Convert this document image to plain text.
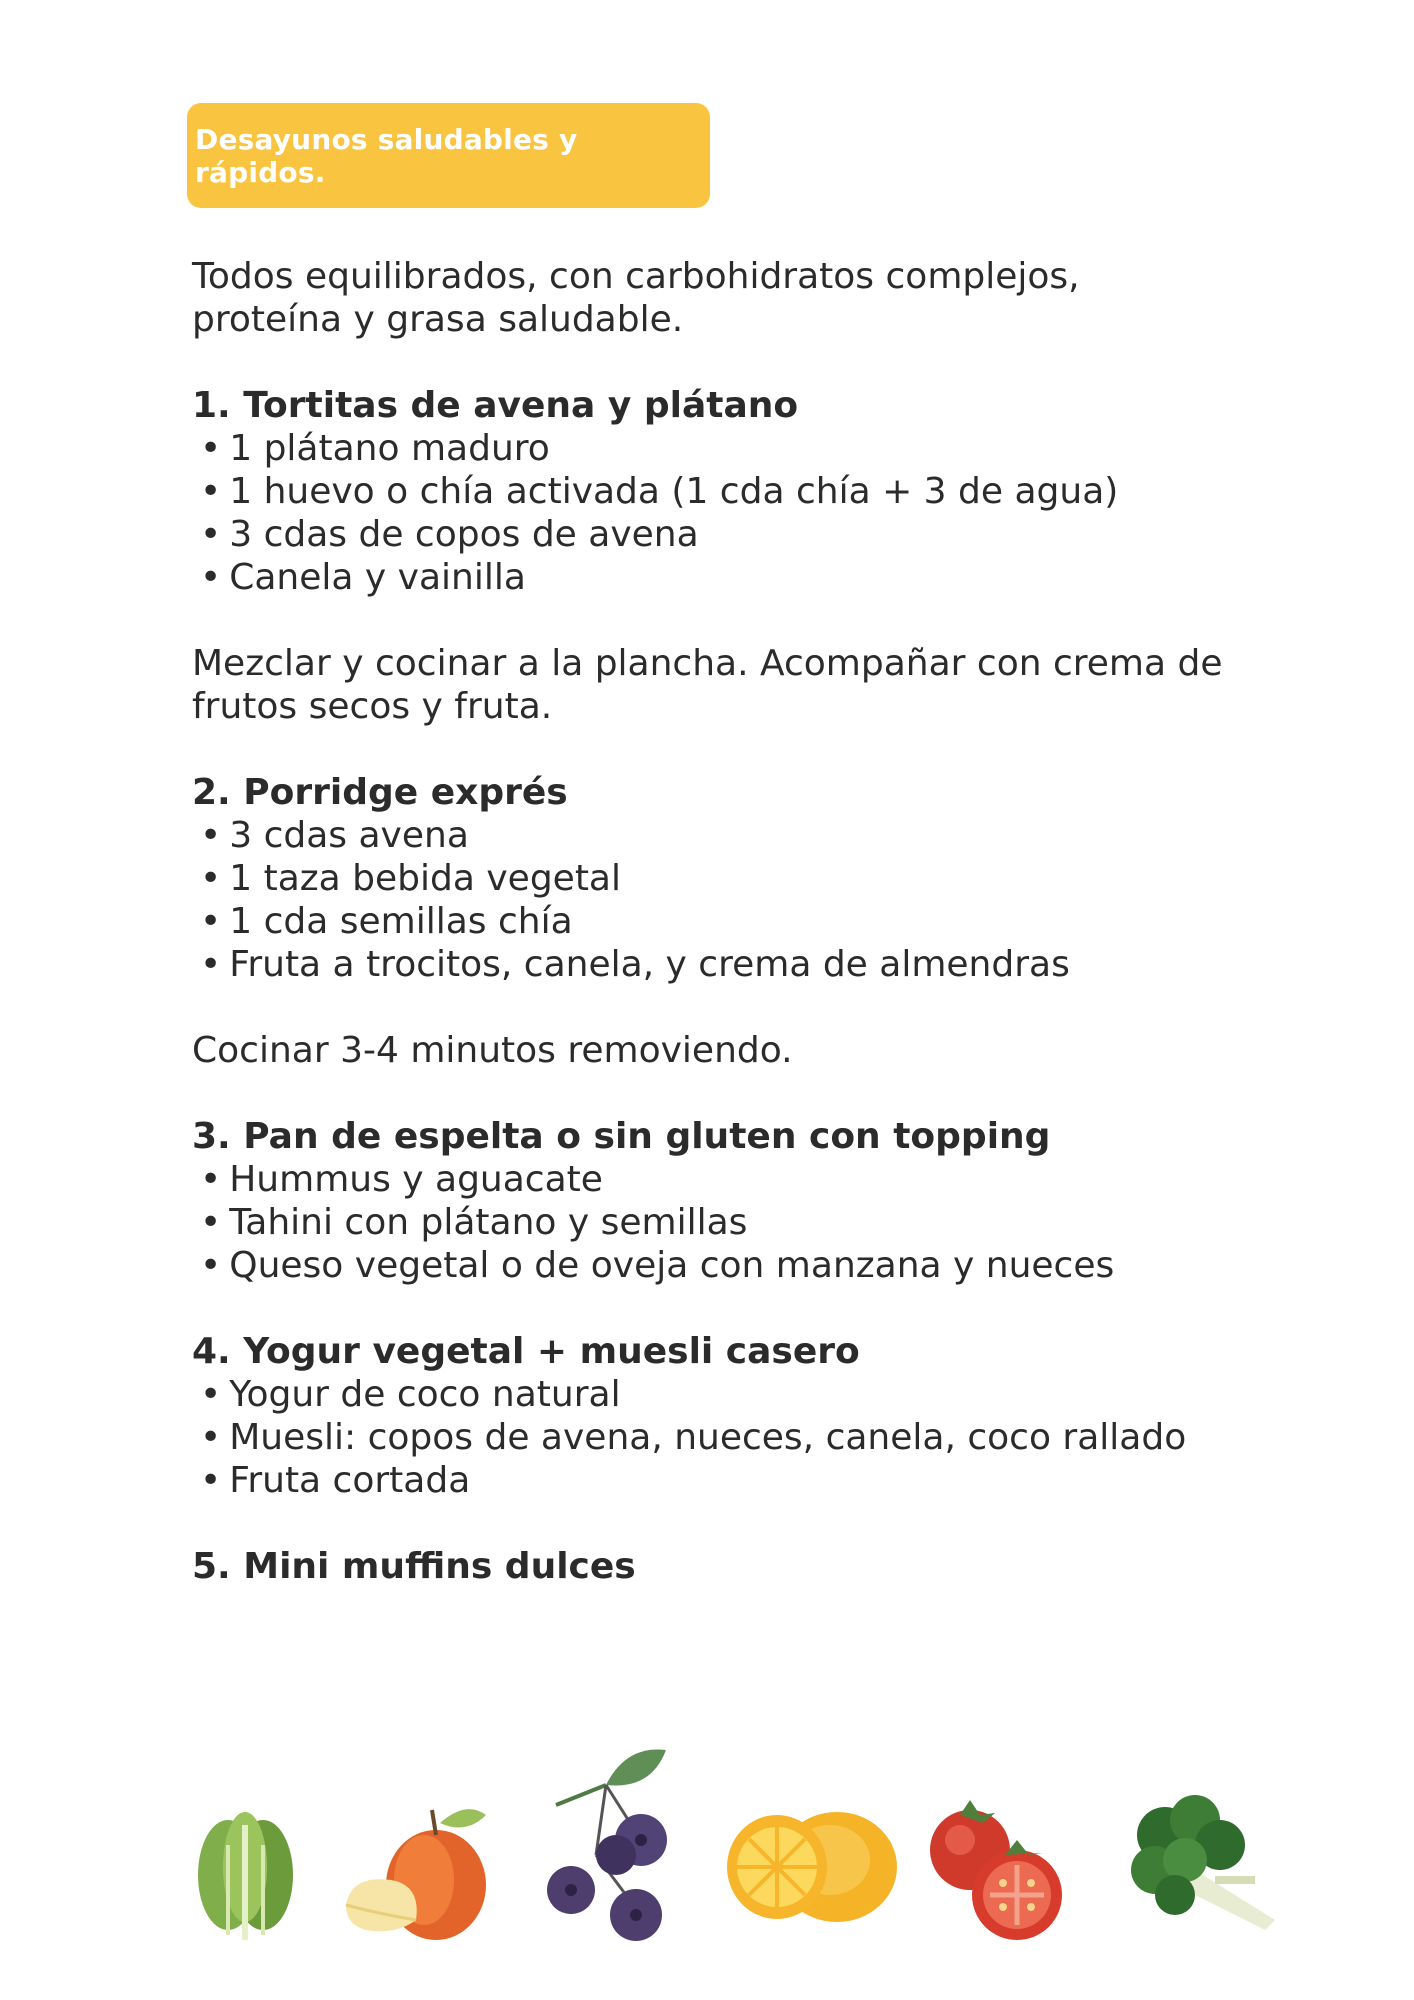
Desayunos saludables y rápidos.

Todos equilibrados, con carbohidratos complejos,

proteína y grasa saludable.

1. Tortitas de avena y plátano

• 1 plátano maduro
• 1 huevo o chía activada (1 cda chía + 3 de agua)
• 3 cdas de copos de avena
• Canela y vainilla

Mezclar y cocinar a la plancha. Acompañar con crema de

frutos secos y fruta.

2. Porridge exprés

• 3 cdas avena
• 1 taza bebida vegetal
• 1 cda semillas chía
• Fruta a trocitos, canela, y crema de almendras

Cocinar 3-4 minutos removiendo.

3. Pan de espelta o sin gluten con topping

• Hummus y aguacate
• Tahini con plátano y semillas
• Queso vegetal o de oveja con manzana y nueces

4. Yogur vegetal + muesli casero

• Yogur de coco natural
• Muesli: copos de avena, nueces, canela, coco rallado
• Fruta cortada

5. Mini muffins dulces
